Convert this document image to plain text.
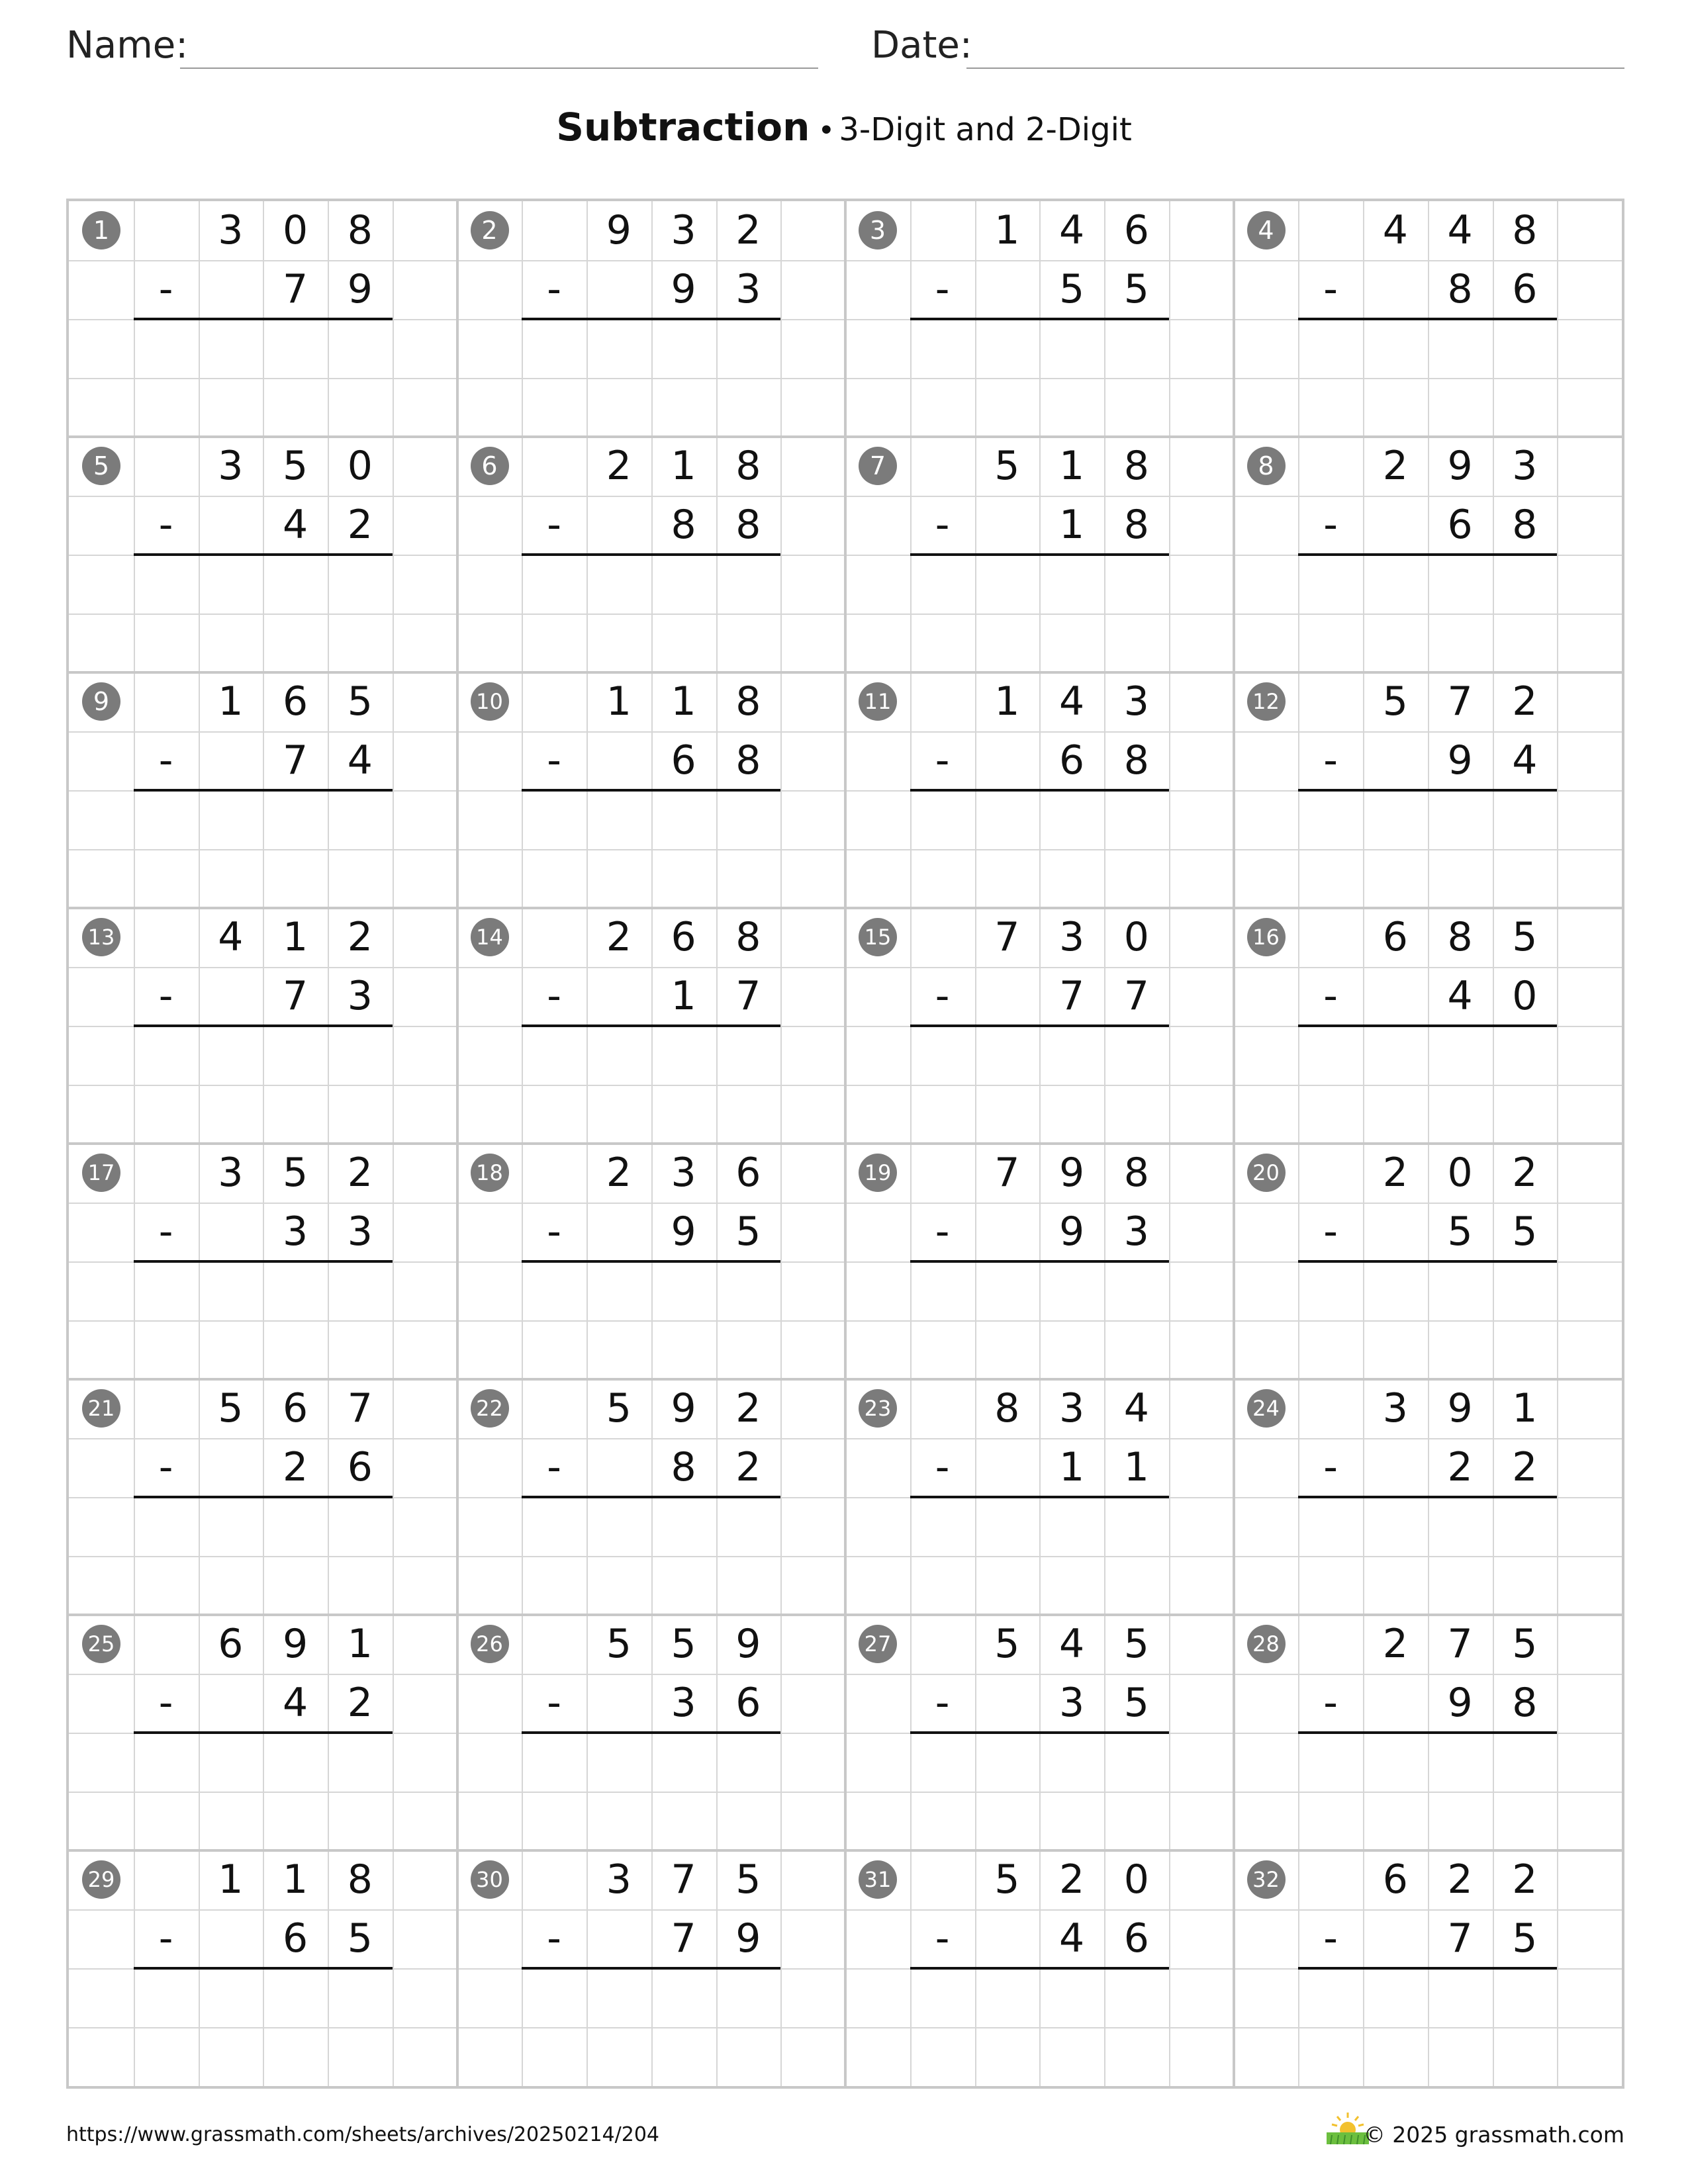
Name:	Date:
Subtraction • 3-Digit and 2-Digit
1	3 0 8
-	7 9
2	9 3 2
-	9 3
3	1 4 6
-	5 5
4	4 4 8
-	8 6
5	3 5 0
-	4 2
6	2 1 8
-	8 8
7	5 1 8
-	1 8
8	2 9 3
-	6 8
9	1 6 5
-	7 4
10	1 1 8
-	6 8
11	1 4 3
-	6 8
12	5 7 2
-	9 4
13	4 1 2
-	7 3
14	2 6 8
-	1 7
15	7 3 0
-	7 7
16	6 8 5
-	4 0
17	3 5 2
-	3 3
18	2 3 6
-	9 5
19	7 9 8
-	9 3
20	2 0 2
-	5 5
21	5 6 7
-	2 6
22	5 9 2
-	8 2
23	8 3 4
-	1 1
24	3 9 1
-	2 2
25	6 9 1
-	4 2
26	5 5 9
-	3 6
27	5 4 5
-	3 5
28	2 7 5
-	9 8
29	1 1 8
-	6 5
30	3 7 5
-	7 9
31	5 2 0
-	4 6
32	6 2 2
-	7 5
https://www.grassmath.com/sheets/archives/20250214/204	© 2025 grassmath.com
